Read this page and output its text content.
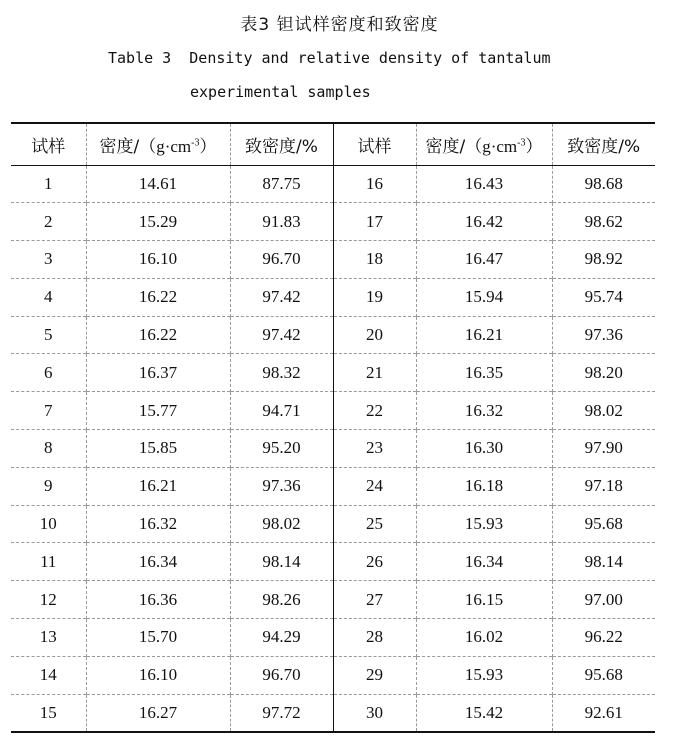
表3 钽试样密度和致密度
Table 3  Density and relative density of tantalum
experimental samples
试样	密度$/(g\cdot cm^{-3})$	致密度/%	试样	密度$/(g\cdot cm^{-3})$	致密度/%
1	14.61	87.75	16	16.43	98.68
2	15.29	91.83	17	16.42	98.62
3	16.10	96.70	18	16.47	98.92
4	16.22	97.42	19	15.94	95.74
5	16.22	97.42	20	16.21	97.36
6	16.37	98.32	21	16.35	98.20
7	15.77	94.71	22	16.32	98.02
8	15.85	95.20	23	16.30	97.90
9	16.21	97.36	24	16.18	97.18
10	16.32	98.02	25	15.93	95.68
11	16.34	98.14	26	16.34	98.14
12	16.36	98.26	27	16.15	97.00
13	15.70	94.29	28	16.02	96.22
14	16.10	96.70	29	15.93	95.68
15	16.27	97.72	30	15.42	92.61
